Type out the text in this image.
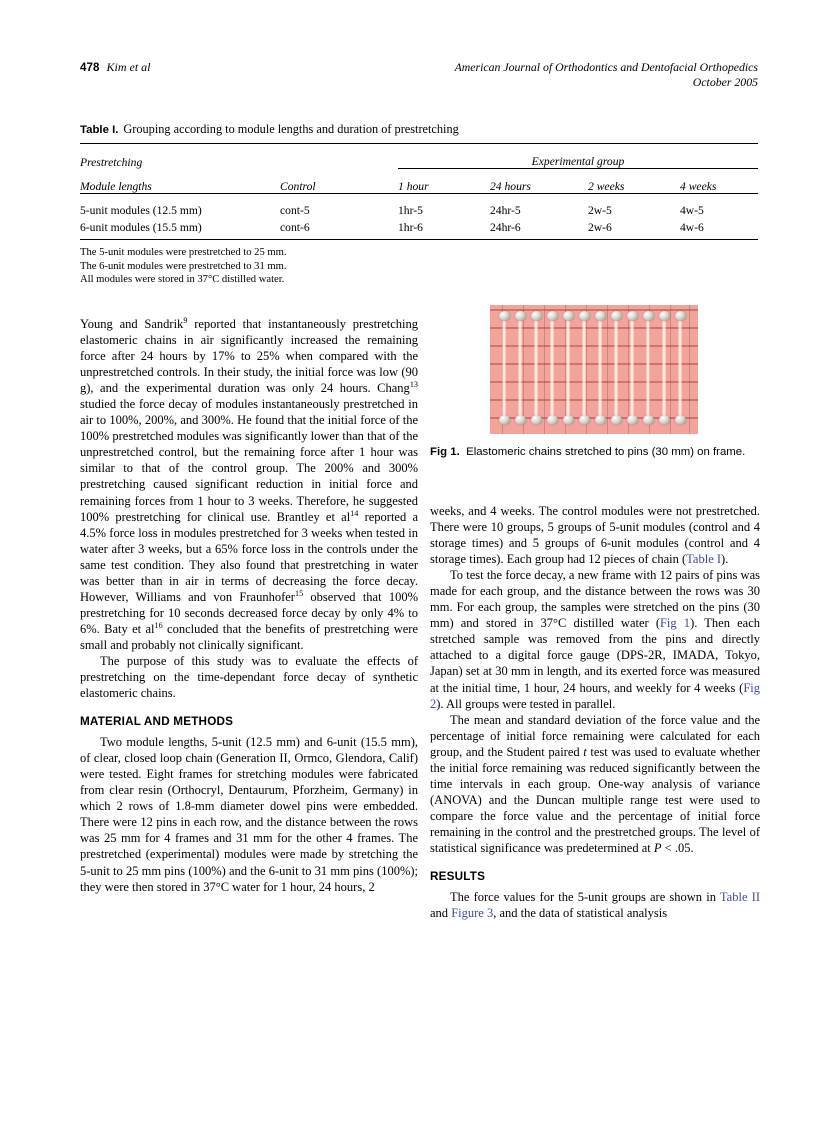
478 Kim et al	American Journal of Orthodontics and Dentofacial Orthopedics
October 2005
Table I. Grouping according to module lengths and duration of prestretching
Prestretching		Experimental group			
Module lengths	Control	1 hour	24 hours	2 weeks	4 weeks
5-unit modules (12.5 mm)	cont-5	1hr-5	24hr-5	2w-5	4w-5
6-unit modules (15.5 mm)	cont-6	1hr-6	24hr-6	2w-6	4w-6
The 5-unit modules were prestretched to 25 mm.
The 6-unit modules were prestretched to 31 mm.
All modules were stored in 37°C distilled water.

Young and Sandrik$^9$ reported that instantaneously prestretching elastomeric chains in air significantly increased the remaining force after 24 hours by 17% to 25% when compared with the unprestretched controls. In their study, the initial force was low (90 g), and the experimental duration was only 24 hours. Chang$^{13}$ studied the force decay of modules instantaneously prestretched in air to 100%, 200%, and 300%. He found that the initial force of the 100% prestretched modules was significantly lower than that of the unprestretched control, but the remaining force after 1 hour was similar to that of the control group. The 200% and 300% prestretching caused significant reduction in initial force and remaining forces from 1 hour to 3 weeks. Therefore, he suggested 100% prestretching for clinical use. Brantley et $al^{14}$ reported a 4.5% force loss in modules prestretched for 3 weeks when tested in water after 3 weeks, but a 65% force loss in the controls under the same test condition. They also found that prestretching in water was better than in air in terms of decreasing the force decay. However, Williams and von Fraunhofer$^{15}$ observed that 100% prestretching for 10 seconds decreased force decay by only 4% to 6%. Baty et $al^{16}$ concluded that the benefits of prestretching were small and probably not clinically significant.

The purpose of this study was to evaluate the effects of prestretching on the time-dependant force decay of synthetic elastomeric chains.

MATERIAL AND METHODS

Two module lengths, 5-unit (12.5 mm) and 6-unit (15.5 mm), of clear, closed loop chain (Generation II, Ormco, Glendora, Calif) were tested. Eight frames for stretching modules were fabricated from clear resin (Orthocryl, Dentaurum, Pforzheim, Germany) in which 2 rows of 1.8-mm diameter dowel pins were embedded. There were 12 pins in each row, and the distance between the rows was 25 mm for 4 frames and 31 mm for the other 4 frames. The prestretched (experimental) modules were made by stretching the 5-unit to 25 mm pins (100%) and the 6-unit to 31 mm pins (100%); they were then stored in 37°C water for 1 hour, 24 hours, 2

Fig 1. Elastomeric chains stretched to pins (30 mm) on frame.

weeks, and 4 weeks. The control modules were not prestretched. There were 10 groups, 5 groups of 5-unit modules (control and 4 storage times) and 5 groups of 6-unit modules (control and 4 storage times). Each group had 12 pieces of chain (Table I).

To test the force decay, a new frame with 12 pairs of pins was made for each group, and the distance between the rows was 30 mm. For each group, the samples were stretched on the pins (30 mm) and stored in 37°C distilled water (Fig 1). Then each stretched sample was removed from the pins and directly attached to a digital force gauge (DPS-2R, IMADA, Tokyo, Japan) set at 30 mm in length, and its exerted force was measured at the initial time, 1 hour, 24 hours, and weekly for 4 weeks (Fig 2). All groups were tested in parallel.

The mean and standard deviation of the force value and the percentage of initial force remaining were calculated for each group, and the Student paired t test was used to evaluate whether the initial force remaining was reduced significantly between the time intervals in each group. One-way analysis of variance (ANOVA) and the Duncan multiple range test were used to compare the force value and the percentage of initial force remaining in the control and the prestretched groups. The level of statistical significance was predetermined at P < .05.

RESULTS

The force values for the 5-unit groups are shown in Table II and Figure 3, and the data of statistical analysis
